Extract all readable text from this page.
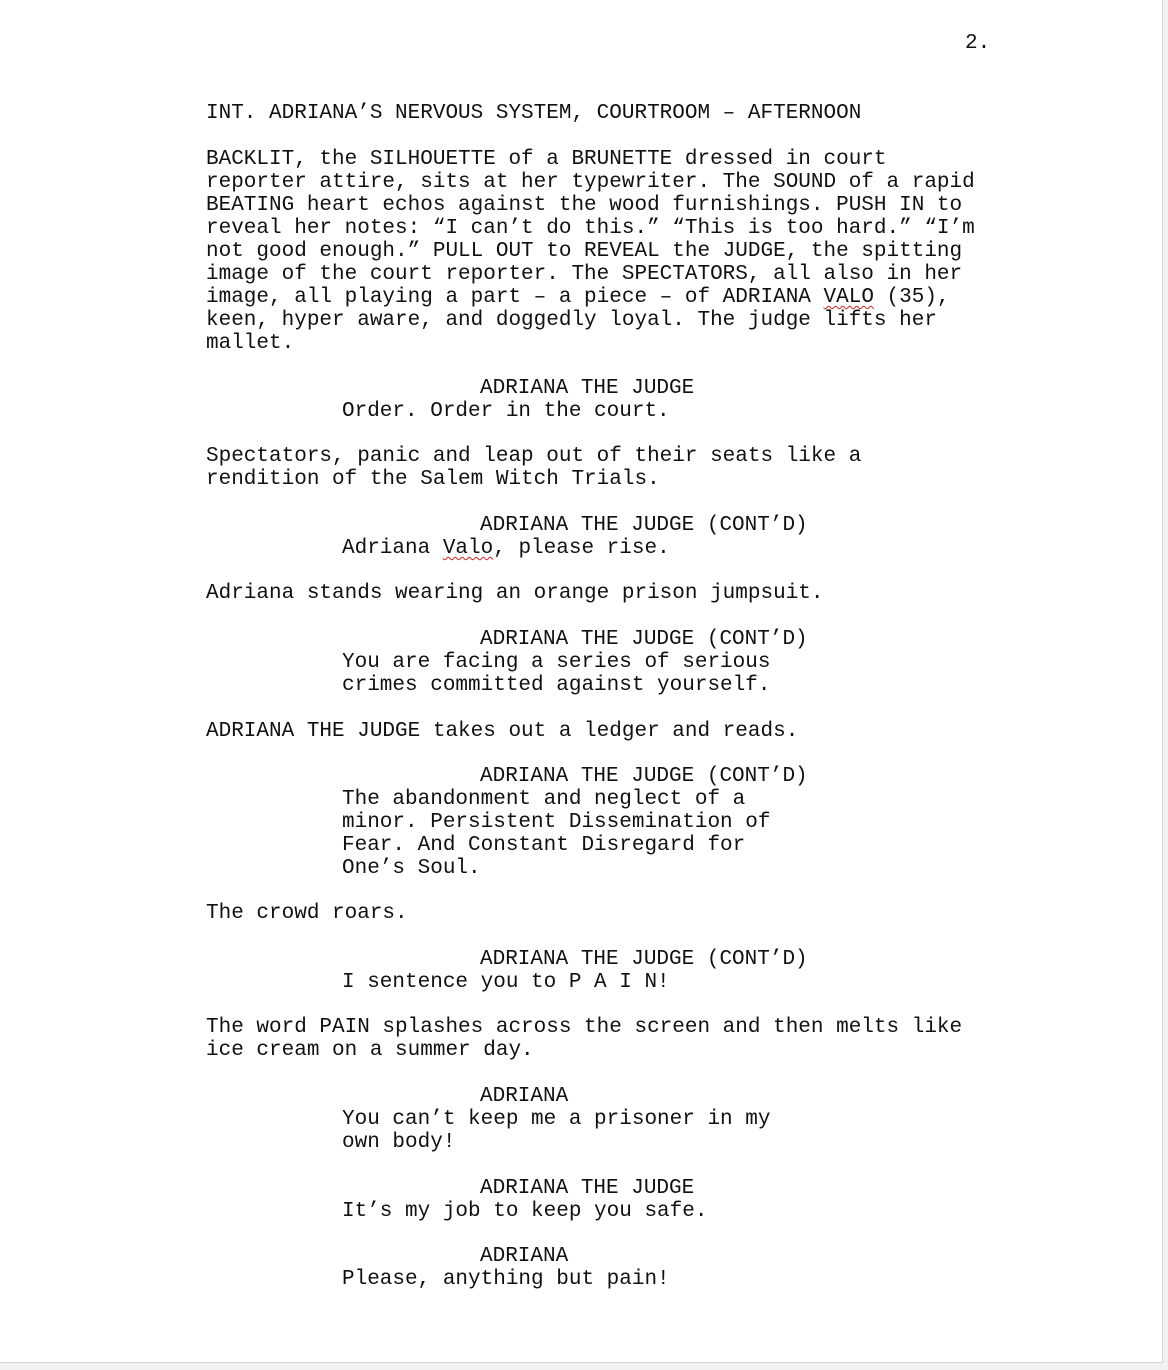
2.
INT. ADRIANA’S NERVOUS SYSTEM, COURTROOM – AFTERNOON
BACKLIT, the SILHOUETTE of a BRUNETTE dressed in court
reporter attire, sits at her typewriter. The SOUND of a rapid
BEATING heart echos against the wood furnishings. PUSH IN to
reveal her notes: “I can’t do this.” “This is too hard.” “I’m
not good enough.” PULL OUT to REVEAL the JUDGE, the spitting
image of the court reporter. The SPECTATORS, all also in her
image, all playing a part – a piece – of ADRIANA VALO (35),
keen, hyper aware, and doggedly loyal. The judge lifts her
mallet.
ADRIANA THE JUDGE
Order. Order in the court.
Spectators, panic and leap out of their seats like a
rendition of the Salem Witch Trials.
ADRIANA THE JUDGE (CONT’D)
Adriana Valo, please rise.
Adriana stands wearing an orange prison jumpsuit.
ADRIANA THE JUDGE (CONT’D)
You are facing a series of serious
crimes committed against yourself.
ADRIANA THE JUDGE takes out a ledger and reads.
ADRIANA THE JUDGE (CONT’D)
The abandonment and neglect of a
minor. Persistent Dissemination of
Fear. And Constant Disregard for
One’s Soul.
The crowd roars.
ADRIANA THE JUDGE (CONT’D)
I sentence you to P A I N!
The word PAIN splashes across the screen and then melts like
ice cream on a summer day.
ADRIANA
You can’t keep me a prisoner in my
own body!
ADRIANA THE JUDGE
It’s my job to keep you safe.
ADRIANA
Please, anything but pain!
